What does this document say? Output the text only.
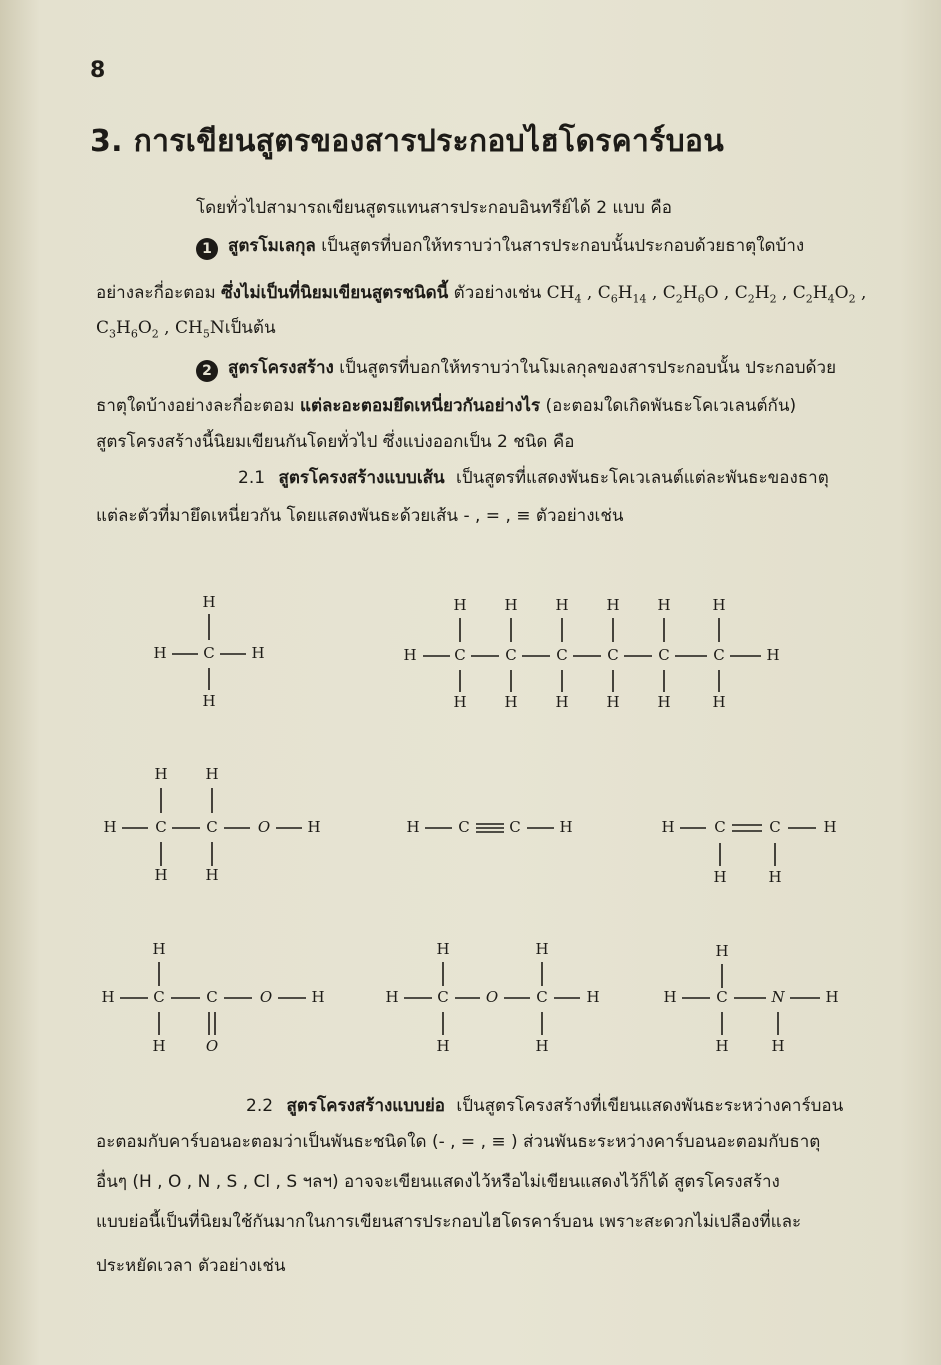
8
3. การเขียนสูตรของสารประกอบไฮโดรคาร์บอน
โดยทั่วไปสามารถเขียนสูตรแทนสารประกอบอินทรีย์ได้ 2 แบบ คือ
1 สูตรโมเลกุล เป็นสูตรที่บอกให้ทราบว่าในสารประกอบนั้นประกอบด้วยธาตุใดบ้าง
อย่างละกี่อะตอม ซึ่งไม่เป็นที่นิยมเขียนสูตรชนิดนี้ ตัวอย่างเช่น $CH_4$ , $C_6H_{14}$ , $C_2H_6O$ , $C_2H_2$ , $C_2H_4O_2$ ,
$C_3H_6O_2$ , $CH_5N$เป็นต้น
2 สูตรโครงสร้าง เป็นสูตรที่บอกให้ทราบว่าในโมเลกุลของสารประกอบนั้น ประกอบด้วย
ธาตุใดบ้างอย่างละกี่อะตอม แต่ละอะตอมยึดเหนี่ยวกันอย่างไร (อะตอมใดเกิดพันธะโคเวเลนต์กัน)
สูตรโครงสร้างนี้นิยมเขียนกันโดยทั่วไป ซึ่งแบ่งออกเป็น 2 ชนิด คือ
2.1 สูตรโครงสร้างแบบเส้น เป็นสูตรที่แสดงพันธะโคเวเลนต์แต่ละพันธะของธาตุ
แต่ละตัวที่มายึดเหนี่ยวกัน โดยแสดงพันธะด้วยเส้น - , = , ≡ ตัวอย่างเช่น
H
H C H
H
H
H
C
H
H
C
H
H
C
H
H
C
H
H
C
H
H
C
H
H
H
H
C
H
H
C
H
O H	H	C	C	H	H	C	C	H
H	H
H
H	C	C	O	H
H	O
H
H
C
H
H
C
H
O	H
H
H	C	N	H
H	H
2.2 สูตรโครงสร้างแบบย่อ เป็นสูตรโครงสร้างที่เขียนแสดงพันธะระหว่างคาร์บอน
อะตอมกับคาร์บอนอะตอมว่าเป็นพันธะชนิดใด (- , = , ≡ ) ส่วนพันธะระหว่างคาร์บอนอะตอมกับธาตุ
อื่นๆ (H , O , N , S , Cl , S ฯลฯ) อาจจะเขียนแสดงไว้หรือไม่เขียนแสดงไว้ก็ได้ สูตรโครงสร้าง
แบบย่อนี้เป็นที่นิยมใช้กันมากในการเขียนสารประกอบไฮโดรคาร์บอน เพราะสะดวกไม่เปลืองที่และ
ประหยัดเวลา ตัวอย่างเช่น
